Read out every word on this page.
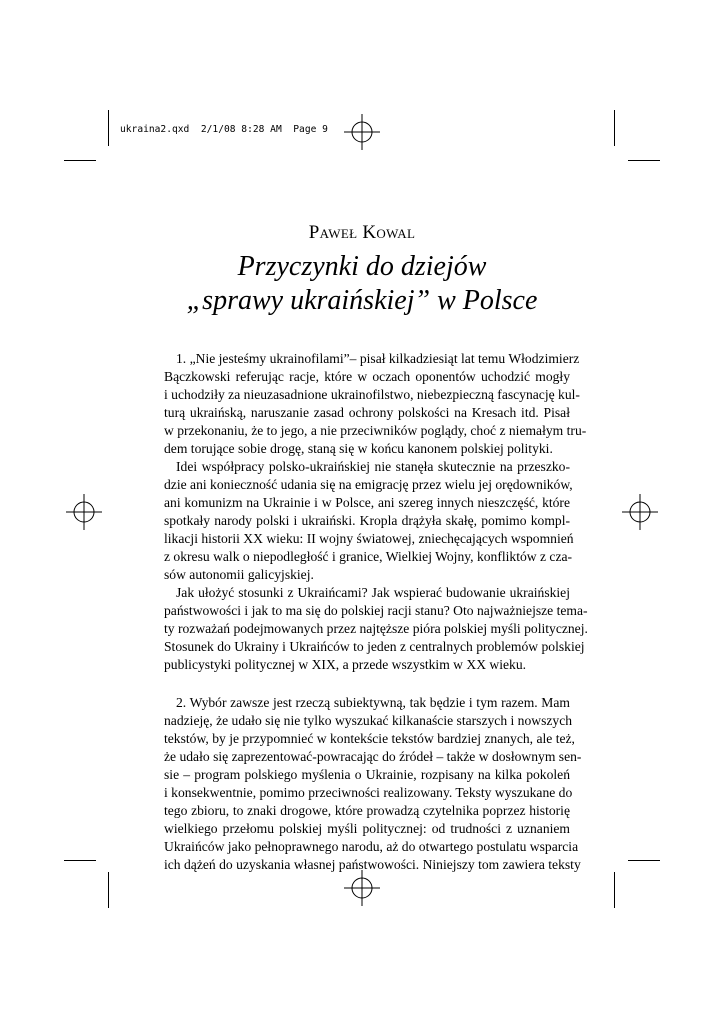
ukraina2.qxd  2/1/08 8:28 AM  Page 9
Paweł Kowal
Przyczynki do dziejów
„sprawy ukraińskiej” w Polsce
1. „Nie jesteśmy ukrainofilami”– pisał kilkadziesiąt lat temu Włodzimierz
Bączkowski referując racje, które w oczach oponentów uchodzić mogły
i uchodziły za nieuzasadnione ukrainofilstwo, niebezpieczną fascynację kul-
turą ukraińską, naruszanie zasad ochrony polskości na Kresach itd. Pisał
w przekonaniu, że to jego, a nie przeciwników poglądy, choć z niemałym tru-
dem torujące sobie drogę, staną się w końcu kanonem polskiej polityki.
Idei współpracy polsko-ukraińskiej nie stanęła skutecznie na przeszko-
dzie ani konieczność udania się na emigrację przez wielu jej orędowników,
ani komunizm na Ukrainie i w Polsce, ani szereg innych nieszczęść, które
spotkały narody polski i ukraiński. Kropla drążyła skałę, pomimo kompl-
likacji historii XX wieku: II wojny światowej, zniechęcających wspomnień
z okresu walk o niepodległość i granice, Wielkiej Wojny, konfliktów z cza-
sów autonomii galicyjskiej.
Jak ułożyć stosunki z Ukraińcami? Jak wspierać budowanie ukraińskiej
państwowości i jak to ma się do polskiej racji stanu? Oto najważniejsze tema-
ty rozważań podejmowanych przez najtęższe pióra polskiej myśli politycznej.
Stosunek do Ukrainy i Ukraińców to jeden z centralnych problemów polskiej
publicystyki politycznej w XIX, a przede wszystkim w XX wieku.
2. Wybór zawsze jest rzeczą subiektywną, tak będzie i tym razem. Mam
nadzieję, że udało się nie tylko wyszukać kilkanaście starszych i nowszych
tekstów, by je przypomnieć w kontekście tekstów bardziej znanych, ale też,
że udało się zaprezentować-powracając do źródeł – także w dosłownym sen-
sie – program polskiego myślenia o Ukrainie, rozpisany na kilka pokoleń
i konsekwentnie, pomimo przeciwności realizowany. Teksty wyszukane do
tego zbioru, to znaki drogowe, które prowadzą czytelnika poprzez historię
wielkiego przełomu polskiej myśli politycznej: od trudności z uznaniem
Ukraińców jako pełnoprawnego narodu, aż do otwartego postulatu wsparcia
ich dążeń do uzyskania własnej państwowości. Niniejszy tom zawiera teksty
